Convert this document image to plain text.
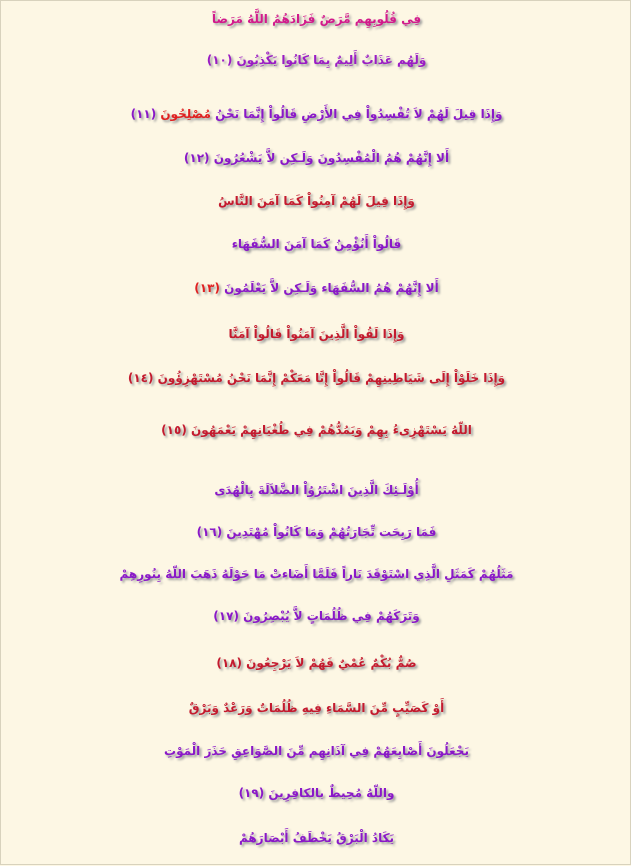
فِي قُلُوبِهِم مَّرَضٌ فَزَادَهُمُ اللَّهُ مَرَضاً
وَلَهُم عَذَابٌ أَلِيمٌ بِمَا كَانُوا يَكْذِبُونَ (١٠)
وَإِذَا قِيلَ لَهُمْ لاَ تُفْسِدُواْ فِي الأَرْضِ قَالُواْ إِنَّمَا نَحْنُ مُصْلِحُونَ (١١)
أَلا إِنَّهُمْ هُمُ الْمُفْسِدُونَ وَلَـكِن لاَّ يَشْعُرُونَ (١٢)
وَإِذَا قِيلَ لَهُمْ آمِنُواْ كَمَا آمَنَ النَّاسُ
قَالُواْ أَنُؤْمِنُ كَمَا آمَنَ السُّفَهَاء
أَلا إِنَّهُمْ هُمُ السُّفَهَاء وَلَـكِن لاَّ يَعْلَمُونَ (١٣)
وَإِذَا لَقُواْ الَّذِينَ آمَنُواْ قَالُواْ آمَنَّا
وَإِذَا خَلَوْاْ إِلَى شَيَاطِينِهِمْ قَالُواْ إِنَّا مَعَكْمْ إِنَّمَا نَحْنُ مُسْتَهْزِؤُونَ (١٤)
اللّهُ يَسْتَهْزِىءُ بِهِمْ وَيَمُدُّهُمْ فِي طُغْيَانِهِمْ يَعْمَهُونَ (١٥)
أُوْلَـئِكَ الَّذِينَ اشْتَرُوُاْ الضَّلاَلَةَ بِالْهُدَى
فَمَا رَبِحَت تِّجَارَتُهُمْ وَمَا كَانُواْ مُهْتَدِينَ (١٦)
مَثَلُهُمْ كَمَثَلِ الَّذِي اسْتَوْقَدَ نَاراً فَلَمَّا أَضَاءتْ مَا حَوْلَهُ ذَهَبَ اللّهُ بِنُورِهِمْ
وَتَرَكَهُمْ فِي ظُلُمَاتٍ لاَّ يُبْصِرُونَ (١٧)
صُمٌّ بُكْمٌ عُمْيٌ فَهُمْ لاَ يَرْجِعُونَ (١٨)
أَوْ كَصَيِّبٍ مِّنَ السَّمَاءِ فِيهِ ظُلُمَاتٌ وَرَعْدٌ وَبَرْقٌ
يَجْعَلُونَ أَصْابِعَهُمْ فِي آذَانِهِم مِّنَ الصَّوَاعِقِ حَذَرَ الْمَوْتِ
واللّهُ مُحِيطٌ بالكافِرِينَ (١٩)
يَكَادُ الْبَرْقُ يَخْطَفُ أَبْصَارَهُمْ
